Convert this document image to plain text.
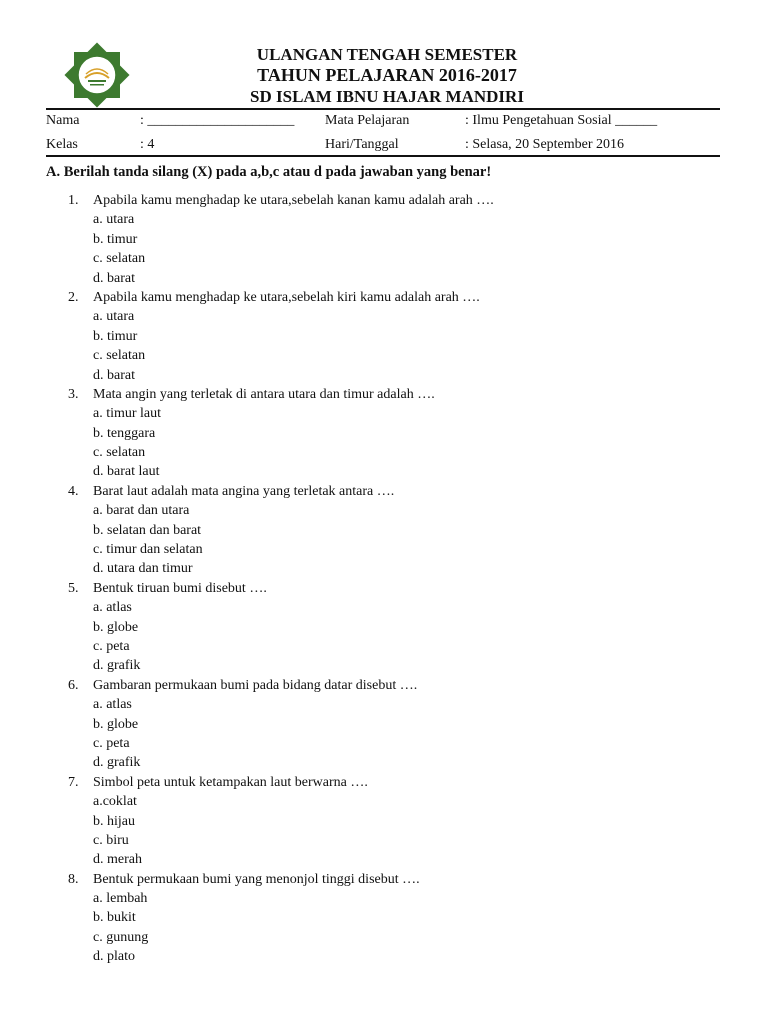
ULANGAN TENGAH SEMESTER
TAHUN PELAJARAN 2016-2017
SD ISLAM IBNU HAJAR MANDIRI
Nama	: _____________________ Mata Pelajaran	: Ilmu Pengetahuan Sosial ______
Kelas	: 4	Hari/Tanggal	: Selasa, 20 September 2016
A. Berilah tanda silang (X) pada a,b,c atau d pada jawaban yang benar!
1. Apabila kamu menghadap ke utara,sebelah kanan kamu adalah arah ….
a. utara
b. timur
c. selatan
d. barat
2. Apabila kamu menghadap ke utara,sebelah kiri kamu adalah arah ….
a. utara
b. timur
c. selatan
d. barat
3. Mata angin yang terletak di antara utara dan timur adalah ….
a. timur laut
b. tenggara
c. selatan
d. barat laut
4. Barat laut adalah mata angina yang terletak antara ….
a. barat dan utara
b. selatan dan barat
c. timur dan selatan
d. utara dan timur
5. Bentuk tiruan bumi disebut ….
a. atlas
b. globe
c. peta
d. grafik
6. Gambaran permukaan bumi pada bidang datar disebut ….
a. atlas
b. globe
c. peta
d. grafik
7. Simbol peta untuk ketampakan laut berwarna ….
a.coklat
b. hijau
c. biru
d. merah
8. Bentuk permukaan bumi yang menonjol tinggi disebut ….
a. lembah
b. bukit
c. gunung
d. plato
